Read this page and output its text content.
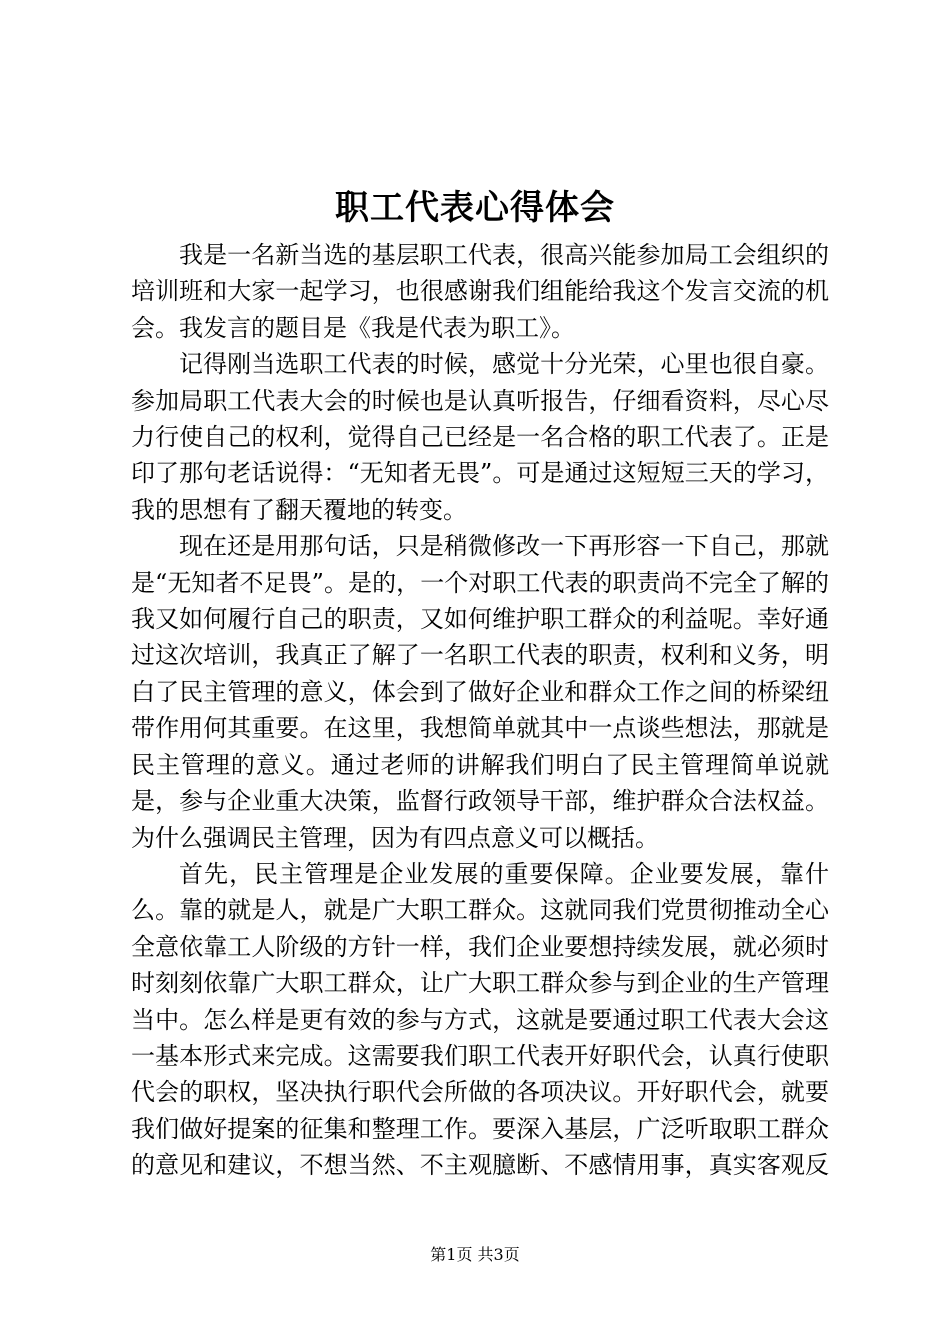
职工代表心得体会

我是一名新当选的基层职工代表，很高兴能参加局工会组织的培训班和大家一起学习，也很感谢我们组能给我这个发言交流的机会。我发言的题目是《我是代表为职工》。

记得刚当选职工代表的时候，感觉十分光荣，心里也很自豪。参加局职工代表大会的时候也是认真听报告，仔细看资料，尽心尽力行使自己的权利，觉得自己已经是一名合格的职工代表了。正是印了那句老话说得：“无知者无畏”。可是通过这短短三天的学习，我的思想有了翻天覆地的转变。

现在还是用那句话，只是稍微修改一下再形容一下自己，那就是“无知者不足畏”。是的，一个对职工代表的职责尚不完全了解的我又如何履行自己的职责，又如何维护职工群众的利益呢。幸好通过这次培训，我真正了解了一名职工代表的职责，权利和义务，明白了民主管理的意义，体会到了做好企业和群众工作之间的桥梁纽带作用何其重要。在这里，我想简单就其中一点谈些想法，那就是民主管理的意义。通过老师的讲解我们明白了民主管理简单说就是，参与企业重大决策，监督行政领导干部，维护群众合法权益。为什么强调民主管理，因为有四点意义可以概括。

首先，民主管理是企业发展的重要保障。企业要发展，靠什么。靠的就是人，就是广大职工群众。这就同我们党贯彻推动全心全意依靠工人阶级的方针一样，我们企业要想持续发展，就必须时时刻刻依靠广大职工群众，让广大职工群众参与到企业的生产管理当中。怎么样是更有效的参与方式，这就是要通过职工代表大会这一基本形式来完成。这需要我们职工代表开好职代会，认真行使职代会的职权，坚决执行职代会所做的各项决议。开好职代会，就要我们做好提案的征集和整理工作。要深入基层，广泛听取职工群众的意见和建议，不想当然、不主观臆断、不感情用事，真实客观反

第1页 共3页
